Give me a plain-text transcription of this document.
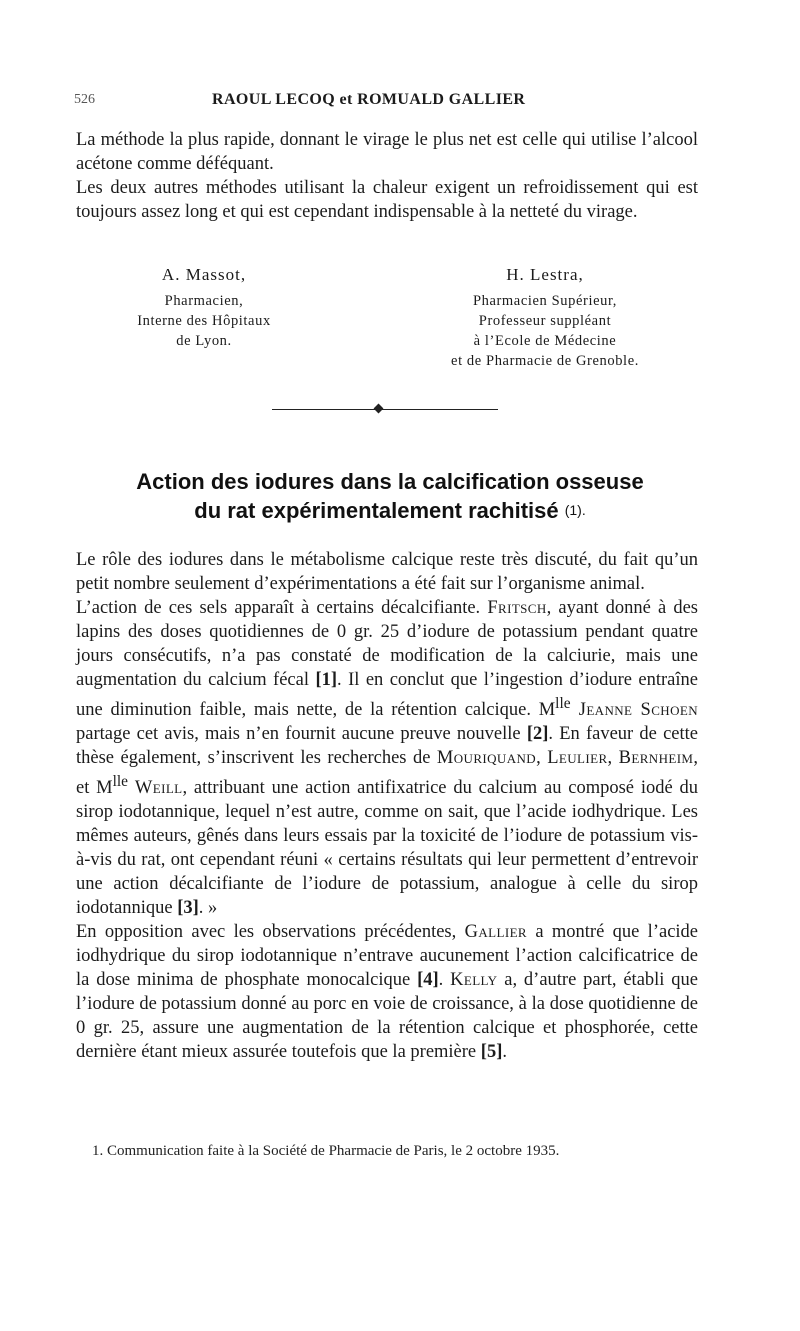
526	RAOUL LECOQ et ROMUALD GALLIER

La méthode la plus rapide, donnant le virage le plus net est celle qui utilise l’alcool acétone comme déféquant.

Les deux autres méthodes utilisant la chaleur exigent un refroidissement qui est toujours assez long et qui est cependant indispensable à la netteté du virage.

A. Massot,
Pharmacien,
Interne des Hôpitaux
de Lyon.
H. Lestra,
Pharmacien Supérieur,
Professeur suppléant
à l’Ecole de Médecine
et de Pharmacie de Grenoble.
Action des iodures dans la calcification osseuse
du rat expérimentalement rachitisé $^{(1).}$

Le rôle des iodures dans le métabolisme calcique reste très discuté, du fait qu’un petit nombre seulement d’expérimentations a été fait sur l’organisme animal.

L’action de ces sels apparaît à certains décalcifiante. Fritsch, ayant donné à des lapins des doses quotidiennes de 0 gr. 25 d’iodure de potassium pendant quatre jours consécutifs, n’a pas constaté de modification de la calciurie, mais une augmentation du calcium fécal [1]. Il en conclut que l’ingestion d’iodure entraîne une diminution faible, mais nette, de la rétention calcique. $M^{lle}$ Jeanne Schoen partage cet avis, mais n’en fournit aucune preuve nouvelle [2]. En faveur de cette thèse également, s’inscrivent les recherches de Mouriquand, Leulier, Bernheim, et $M^{lle}$ Weill, attribuant une action antifixatrice du calcium au composé iodé du sirop iodotannique, lequel n’est autre, comme on sait, que l’acide iodhydrique. Les mêmes auteurs, gênés dans leurs essais par la toxicité de l’iodure de potassium vis-à-vis du rat, ont cependant réuni « certains résultats qui leur permettent d’entrevoir une action décalcifiante de l’iodure de potassium, analogue à celle du sirop iodotannique [3]. »

En opposition avec les observations précédentes, Gallier a montré que l’acide iodhydrique du sirop iodotannique n’entrave aucunement l’action calcificatrice de la dose minima de phosphate monocalcique [4]. Kelly a, d’autre part, établi que l’iodure de potassium donné au porc en voie de croissance, à la dose quotidienne de 0 gr. 25, assure une augmentation de la rétention calcique et phosphorée, cette dernière étant mieux assurée toutefois que la première [5].

1. Communication faite à la Société de Pharmacie de Paris, le 2 octobre 1935.
